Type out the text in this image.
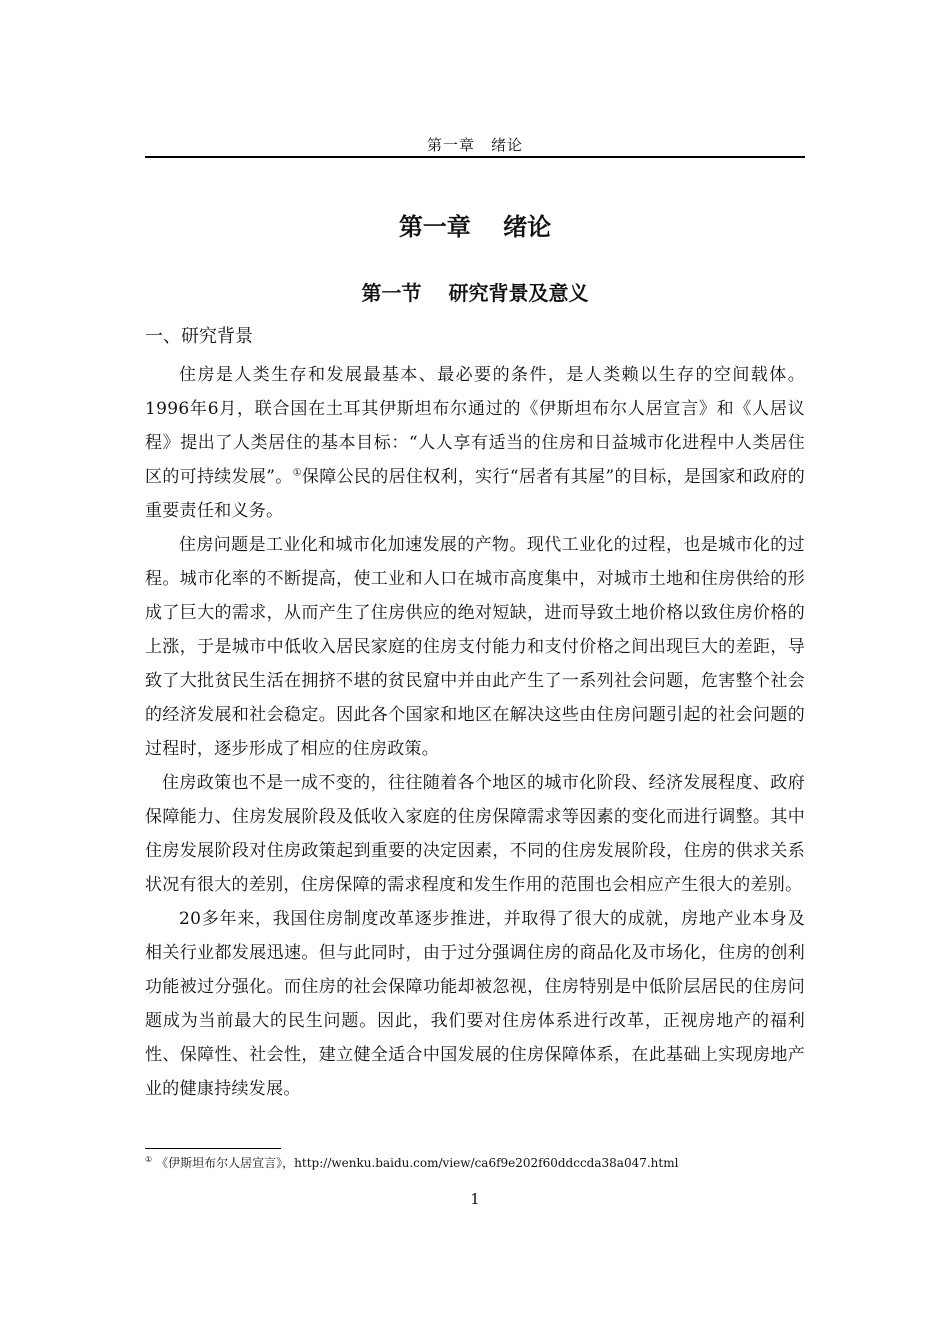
第一章　绪论
第一章　 绪论
第一节　 研究背景及意义
一、研究背景

住房是人类生存和发展最基本、最必要的条件，是人类赖以生存的空间载体。1996年6月，联合国在土耳其伊斯坦布尔通过的《伊斯坦布尔人居宣言》和《人居议程》提出了人类居住的基本目标：“人人享有适当的住房和日益城市化进程中人类居住区的可持续发展”。①保障公民的居住权利，实行“居者有其屋”的目标，是国家和政府的重要责任和义务。

住房问题是工业化和城市化加速发展的产物。现代工业化的过程，也是城市化的过程。城市化率的不断提高，使工业和人口在城市高度集中，对城市土地和住房供给的形成了巨大的需求，从而产生了住房供应的绝对短缺，进而导致土地价格以致住房价格的上涨，于是城市中低收入居民家庭的住房支付能力和支付价格之间出现巨大的差距，导致了大批贫民生活在拥挤不堪的贫民窟中并由此产生了一系列社会问题，危害整个社会的经济发展和社会稳定。因此各个国家和地区在解决这些由住房问题引起的社会问题的过程时，逐步形成了相应的住房政策。

住房政策也不是一成不变的，往往随着各个地区的城市化阶段、经济发展程度、政府保障能力、住房发展阶段及低收入家庭的住房保障需求等因素的变化而进行调整。其中住房发展阶段对住房政策起到重要的决定因素，不同的住房发展阶段，住房的供求关系状况有很大的差别，住房保障的需求程度和发生作用的范围也会相应产生很大的差别。

20多年来，我国住房制度改革逐步推进，并取得了很大的成就，房地产业本身及相关行业都发展迅速。但与此同时，由于过分强调住房的商品化及市场化，住房的创利功能被过分强化。而住房的社会保障功能却被忽视，住房特别是中低阶层居民的住房问题成为当前最大的民生问题。因此，我们要对住房体系进行改革，正视房地产的福利性、保障性、社会性，建立健全适合中国发展的住房保障体系，在此基础上实现房地产业的健康持续发展。

① 《伊斯坦布尔人居宣言》，http://wenku.baidu.com/view/ca6f9e202f60ddccda38a047.html
1
